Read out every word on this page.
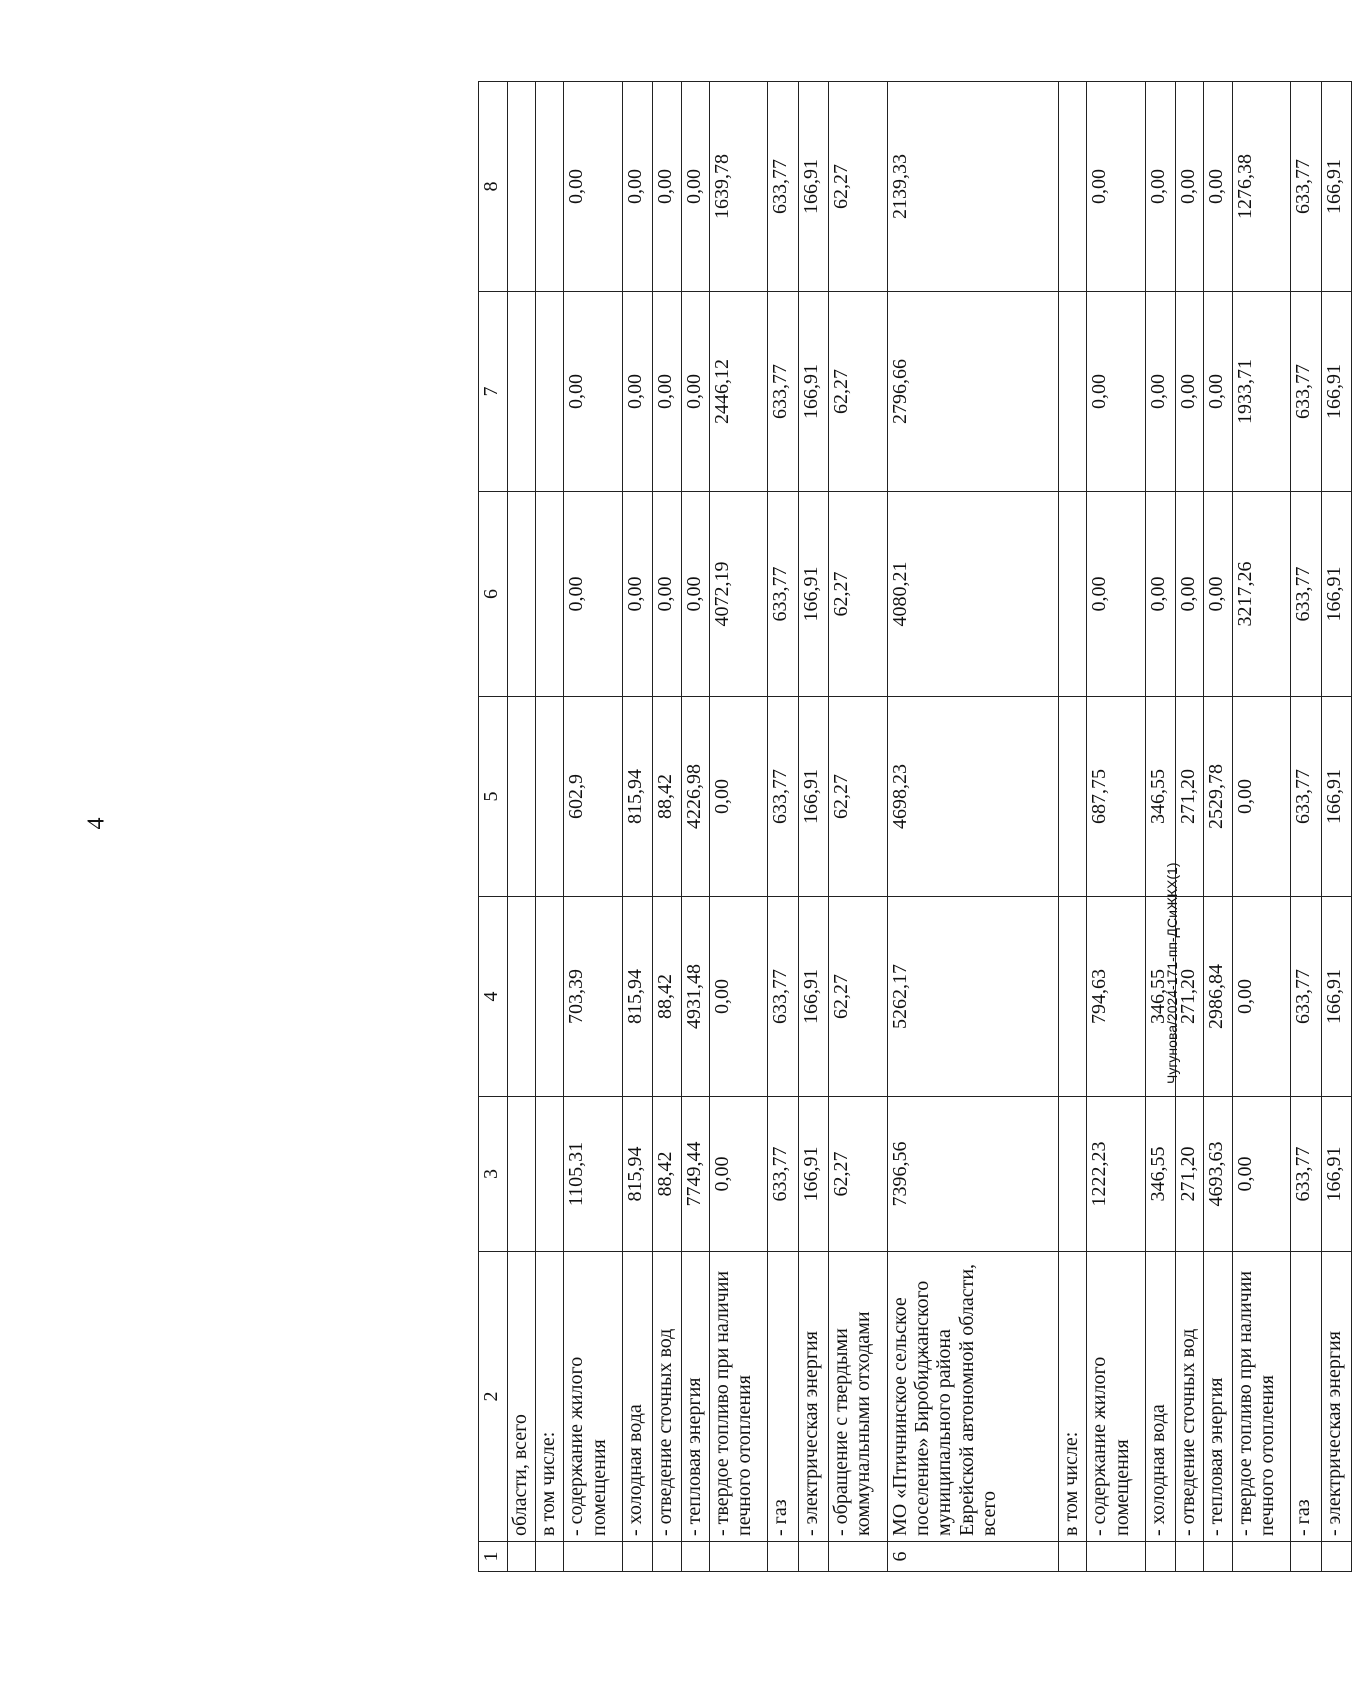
4
1	2	3	4	5	6	7	8
	области, всего						
	в том числе:						
	- содержание жилого помещения	1105,31	703,39	602,9	0,00	0,00	0,00
	- холодная вода	815,94	815,94	815,94	0,00	0,00	0,00
	- отведение сточных вод	88,42	88,42	88,42	0,00	0,00	0,00
	- тепловая энергия	7749,44	4931,48	4226,98	0,00	0,00	0,00
	- твердое топливо при наличии печного отопления	0,00	0,00	0,00	4072,19	2446,12	1639,78
	- газ	633,77	633,77	633,77	633,77	633,77	633,77
	- электрическая энергия	166,91	166,91	166,91	166,91	166,91	166,91
	- обращение с твердыми коммунальными отходами	62,27	62,27	62,27	62,27	62,27	62,27
6	МО «Птичнинское сельское поселение» Биробиджанского муниципального района Еврейской автономной области, всего	7396,56	5262,17	4698,23	4080,21	2796,66	2139,33
	в том числе:						
	- содержание жилого помещения	1222,23	794,63	687,75	0,00	0,00	0,00
	- холодная вода	346,55	346,55	346,55	0,00	0,00	0,00
	- отведение сточных вод	271,20	271,20	271,20	0,00	0,00	0,00
	- тепловая энергия	4693,63	2986,84	2529,78	0,00	0,00	0,00
	- твердое топливо при наличии печного отопления	0,00	0,00	0,00	3217,26	1933,71	1276,38
	- газ	633,77	633,77	633,77	633,77	633,77	633,77
	- электрическая энергия	166,91	166,91	166,91	166,91	166,91	166,91
Чугунова/2024-171-пп-ДСиЖКХ(1)
